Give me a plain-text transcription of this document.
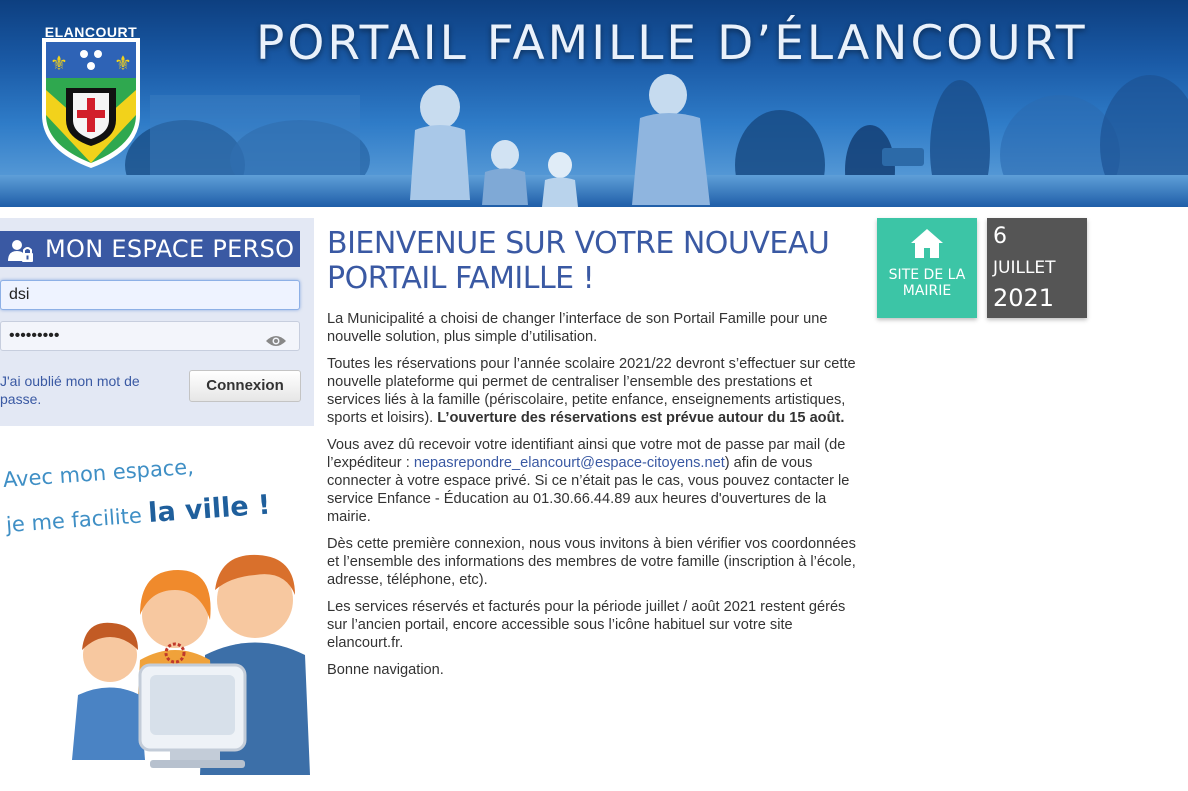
PORTAIL FAMILLE D’ÉLANCOURT
⚜ ⚜
ELANCOURT
MON ESPACE PERSO
dsi
•••••••••
J'ai oublié mon mot de passe.
Connexion
Avec mon espace,
je me facilite la ville !
BIENVENUE SUR VOTRE NOUVEAU PORTAIL FAMILLE !

La Municipalité a choisi de changer l’interface de son Portail Famille pour une nouvelle solution, plus simple d’utilisation.

Toutes les réservations pour l’année scolaire 2021/22 devront s’effectuer sur cette nouvelle plateforme qui permet de centraliser l’ensemble des prestations et services liés à la famille (périscolaire, petite enfance, enseignements artistiques, sports et loisirs). L’ouverture des réservations est prévue autour du 15 août.

Vous avez dû recevoir votre identifiant ainsi que votre mot de passe par mail (de l’expéditeur : nepasrepondre_elancourt@espace-citoyens.net) afin de vous connecter à votre espace privé. Si ce n’était pas le cas, vous pouvez contacter le service Enfance - Éducation au 01.30.66.44.89 aux heures d'ouvertures de la mairie.

Dès cette première connexion, nous vous invitons à bien vérifier vos coordonnées et l’ensemble des informations des membres de votre famille (inscription à l’école, adresse, téléphone, etc).

Les services réservés et facturés pour la période juillet / août 2021 restent gérés sur l’ancien portail, encore accessible sous l’icône habituel sur votre site elancourt.fr.

Bonne navigation.

SITE DE LA MAIRIE
6
JUILLET
2021
